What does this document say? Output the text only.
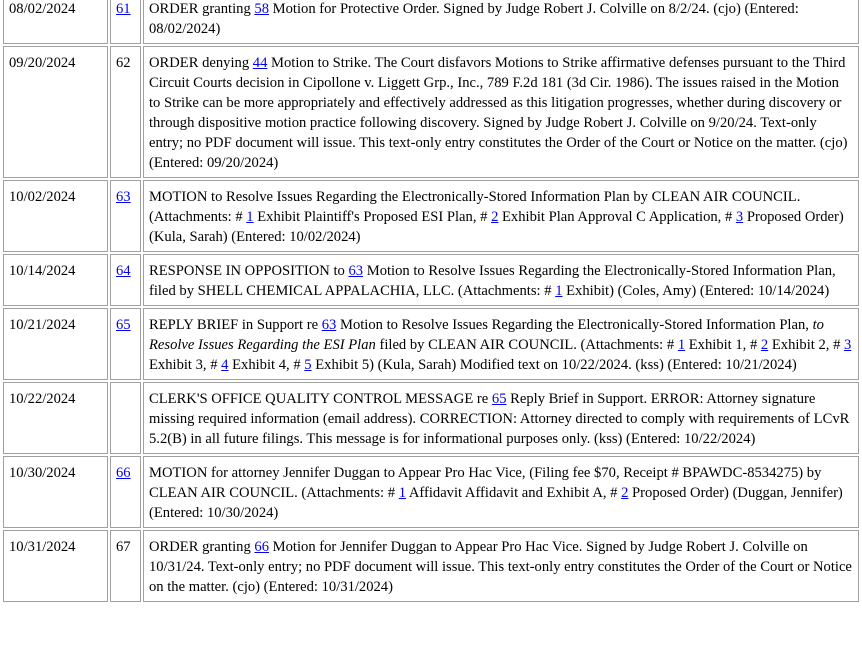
08/02/2024	61	ORDER granting 58 Motion for Protective Order. Signed by Judge Robert J. Colville on 8/2/24. (cjo) (Entered: 08/02/2024)
09/20/2024	62	ORDER denying 44 Motion to Strike. The Court disfavors Motions to Strike affirmative defenses pursuant to the Third Circuit Courts decision in Cipollone v. Liggett Grp., Inc., 789 F.2d 181 (3d Cir. 1986). The issues raised in the Motion to Strike can be more appropriately and effectively addressed as this litigation progresses, whether during discovery or through dispositive motion practice following discovery. Signed by Judge Robert J. Colville on 9/20/24. Text-only entry; no PDF document will issue. This text-only entry constitutes the Order of the Court or Notice on the matter. (cjo) (Entered: 09/20/2024)
10/02/2024	63	MOTION to Resolve Issues Regarding the Electronically-Stored Information Plan by CLEAN AIR COUNCIL. (Attachments: # 1 Exhibit Plaintiff's Proposed ESI Plan, # 2 Exhibit Plan Approval C Application, # 3 Proposed Order) (Kula, Sarah) (Entered: 10/02/2024)
10/14/2024	64	RESPONSE IN OPPOSITION to 63 Motion to Resolve Issues Regarding the Electronically-Stored Information Plan, filed by SHELL CHEMICAL APPALACHIA, LLC. (Attachments: # 1 Exhibit) (Coles, Amy) (Entered: 10/14/2024)
10/21/2024	65	REPLY BRIEF in Support re 63 Motion to Resolve Issues Regarding the Electronically-Stored Information Plan, to Resolve Issues Regarding the ESI Plan filed by CLEAN AIR COUNCIL. (Attachments: # 1 Exhibit 1, # 2 Exhibit 2, # 3 Exhibit 3, # 4 Exhibit 4, # 5 Exhibit 5) (Kula, Sarah) Modified text on 10/22/2024. (kss) (Entered: 10/21/2024)
10/22/2024		CLERK'S OFFICE QUALITY CONTROL MESSAGE re 65 Reply Brief in Support. ERROR: Attorney signature missing required information (email address). CORRECTION: Attorney directed to comply with requirements of LCvR 5.2(B) in all future filings. This message is for informational purposes only. (kss) (Entered: 10/22/2024)
10/30/2024	66	MOTION for attorney Jennifer Duggan to Appear Pro Hac Vice, (Filing fee $70, Receipt # BPAWDC-8534275) by CLEAN AIR COUNCIL. (Attachments: # 1 Affidavit Affidavit and Exhibit A, # 2 Proposed Order) (Duggan, Jennifer) (Entered: 10/30/2024)
10/31/2024	67	ORDER granting 66 Motion for Jennifer Duggan to Appear Pro Hac Vice. Signed by Judge Robert J. Colville on 10/31/24. Text-only entry; no PDF document will issue. This text-only entry constitutes the Order of the Court or Notice on the matter. (cjo) (Entered: 10/31/2024)
